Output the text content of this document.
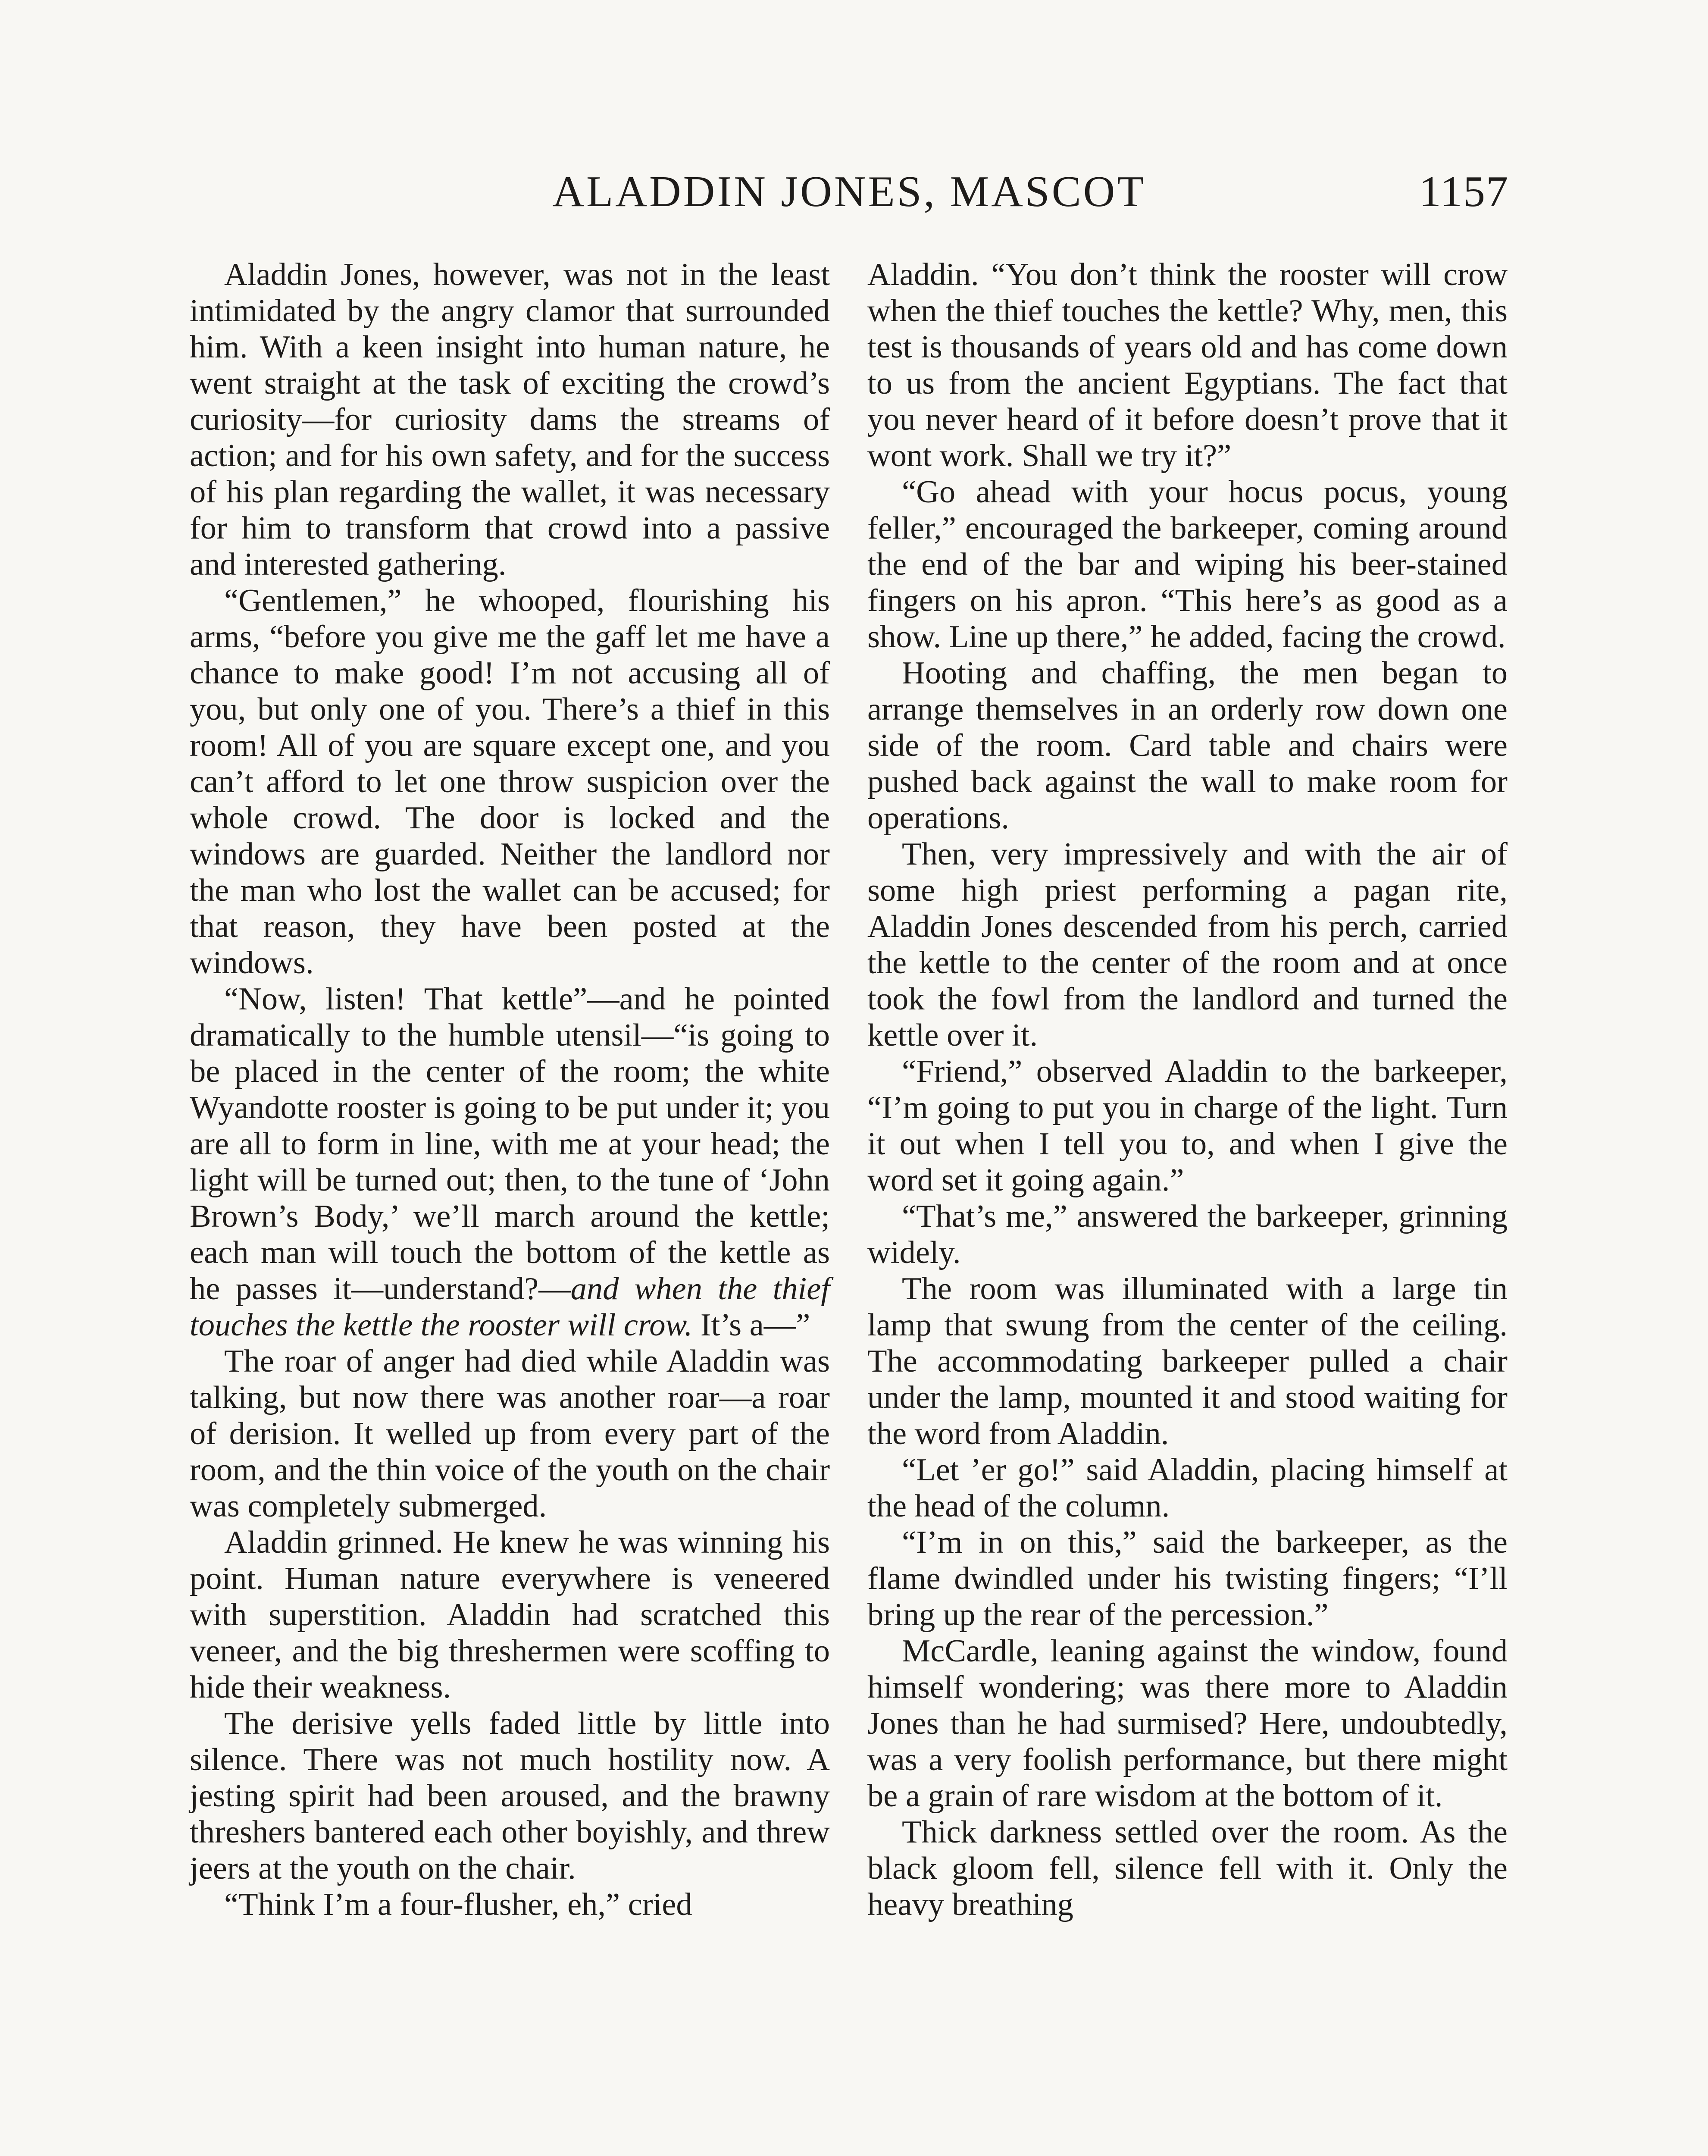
ALADDIN JONES, MASCOT	1157

Aladdin Jones, however, was not in the least intimidated by the angry clamor that surrounded him. With a keen insight into human nature, he went straight at the task of exciting the crowd’s curiosity—for curiosity dams the streams of action; and for his own safety, and for the success of his plan regarding the wallet, it was necessary for him to transform that crowd into a passive and interested gathering.

“Gentlemen,” he whooped, flourishing his arms, “before you give me the gaff let me have a chance to make good! I’m not accusing all of you, but only one of you. There’s a thief in this room! All of you are square except one, and you can’t afford to let one throw suspicion over the whole crowd. The door is locked and the windows are guarded. Neither the landlord nor the man who lost the wallet can be accused; for that reason, they have been posted at the windows.

“Now, listen! That kettle”—and he pointed dramatically to the humble utensil—“is going to be placed in the center of the room; the white Wyandotte rooster is going to be put under it; you are all to form in line, with me at your head; the light will be turned out; then, to the tune of ‘John Brown’s Body,’ we’ll march around the kettle; each man will touch the bottom of the kettle as he passes it—understand?—and when the thief touches the kettle the rooster will crow. It’s a—”

The roar of anger had died while Aladdin was talking, but now there was another roar—a roar of derision. It welled up from every part of the room, and the thin voice of the youth on the chair was completely submerged.

Aladdin grinned. He knew he was winning his point. Human nature everywhere is veneered with superstition. Aladdin had scratched this veneer, and the big threshermen were scoffing to hide their weakness.

The derisive yells faded little by little into silence. There was not much hostility now. A jesting spirit had been aroused, and the brawny threshers bantered each other boyishly, and threw jeers at the youth on the chair.

“Think I’m a four-flusher, eh,” cried

Aladdin. “You don’t think the rooster will crow when the thief touches the kettle? Why, men, this test is thousands of years old and has come down to us from the ancient Egyptians. The fact that you never heard of it before doesn’t prove that it wont work. Shall we try it?”

“Go ahead with your hocus pocus, young feller,” encouraged the barkeeper, coming around the end of the bar and wiping his beer-stained fingers on his apron. “This here’s as good as a show. Line up there,” he added, facing the crowd.

Hooting and chaffing, the men began to arrange themselves in an orderly row down one side of the room. Card table and chairs were pushed back against the wall to make room for operations.

Then, very impressively and with the air of some high priest performing a pagan rite, Aladdin Jones descended from his perch, carried the kettle to the center of the room and at once took the fowl from the landlord and turned the kettle over it.

“Friend,” observed Aladdin to the barkeeper, “I’m going to put you in charge of the light. Turn it out when I tell you to, and when I give the word set it going again.”

“That’s me,” answered the barkeeper, grinning widely.

The room was illuminated with a large tin lamp that swung from the center of the ceiling. The accommodating barkeeper pulled a chair under the lamp, mounted it and stood waiting for the word from Aladdin.

“Let ’er go!” said Aladdin, placing himself at the head of the column.

“I’m in on this,” said the barkeeper, as the flame dwindled under his twisting fingers; “I’ll bring up the rear of the percession.”

McCardle, leaning against the window, found himself wondering; was there more to Aladdin Jones than he had surmised? Here, undoubtedly, was a very foolish performance, but there might be a grain of rare wisdom at the bottom of it.

Thick darkness settled over the room. As the black gloom fell, silence fell with it. Only the heavy breathing
